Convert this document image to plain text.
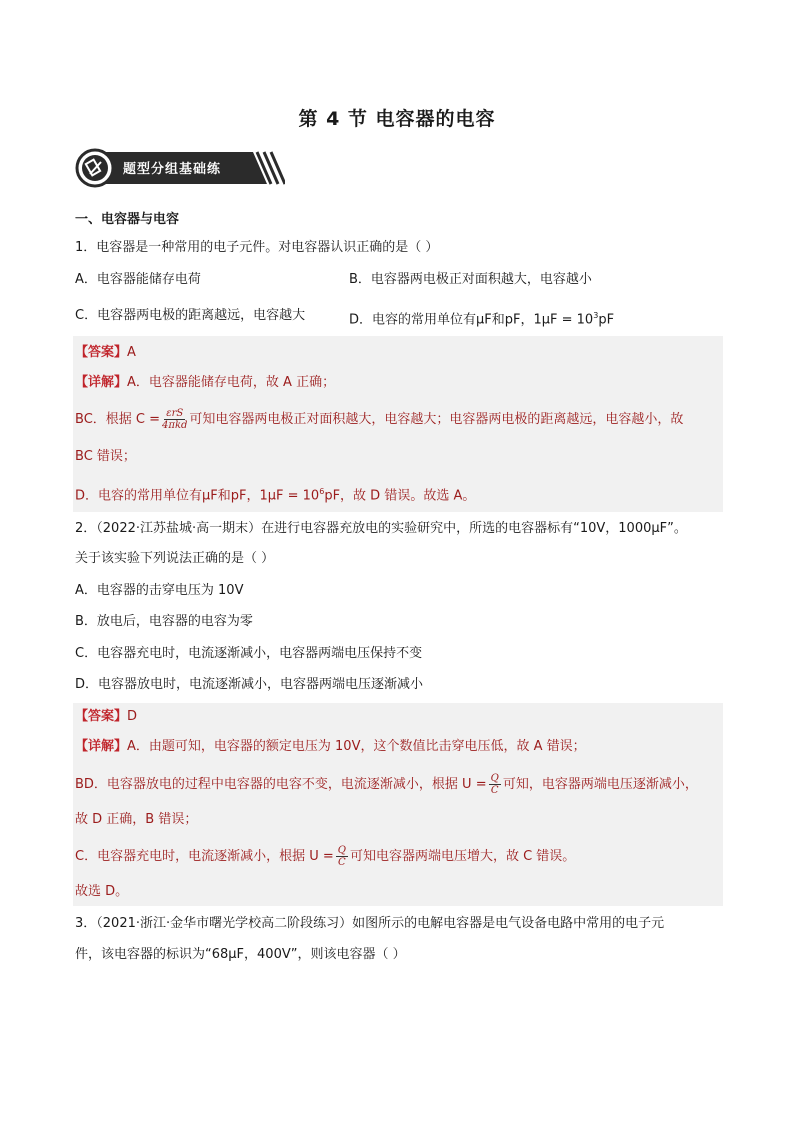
第 4 节 电容器的电容
题型分组基础练
一、电容器与电容
1．电容器是一种常用的电子元件。对电容器认识正确的是（ ）
A．电容器能储存电荷	B．电容器两电极正对面积越大，电容越小
C．电容器两电极的距离越远，电容越大	D．电容的常用单位有μF和pF，$1\mu F = 10^3pF$
【答案】A
【详解】A．电容器能储存电荷，故 A 正确；
BC．根据 $C = \frac{\text{εrS}}{\text{4πkd}}$ 可知电容器两电极正对面积越大，电容越大；电容器两电极的距离越远，电容越小，故
BC 错误；
D．电容的常用单位有μF和pF，$1\mu F = 10^6pF$，故 D 错误。故选 A。
2．（2022·江苏盐城·高一期末）在进行电容器充放电的实验研究中，所选的电容器标有“10V，1000μF”。
关于该实验下列说法正确的是（ ）
A．电容器的击穿电压为 10V
B．放电后，电容器的电容为零
C．电容器充电时，电流逐渐减小，电容器两端电压保持不变
D．电容器放电时，电流逐渐减小，电容器两端电压逐渐减小
【答案】D
【详解】A．由题可知，电容器的额定电压为 10V，这个数值比击穿电压低，故 A 错误；
BD．电容器放电的过程中电容器的电容不变，电流逐渐减小，根据 $U = \frac{Q}{C}$ 可知，电容器两端电压逐渐减小，
故 D 正确，B 错误；
C．电容器充电时，电流逐渐减小，根据 $U = \frac{Q}{C}$ 可知电容器两端电压增大，故 C 错误。
故选 D。
3．（2021·浙江·金华市曙光学校高二阶段练习）如图所示的电解电容器是电气设备电路中常用的电子元
件，该电容器的标识为“68μF，400V”，则该电容器（ ）
